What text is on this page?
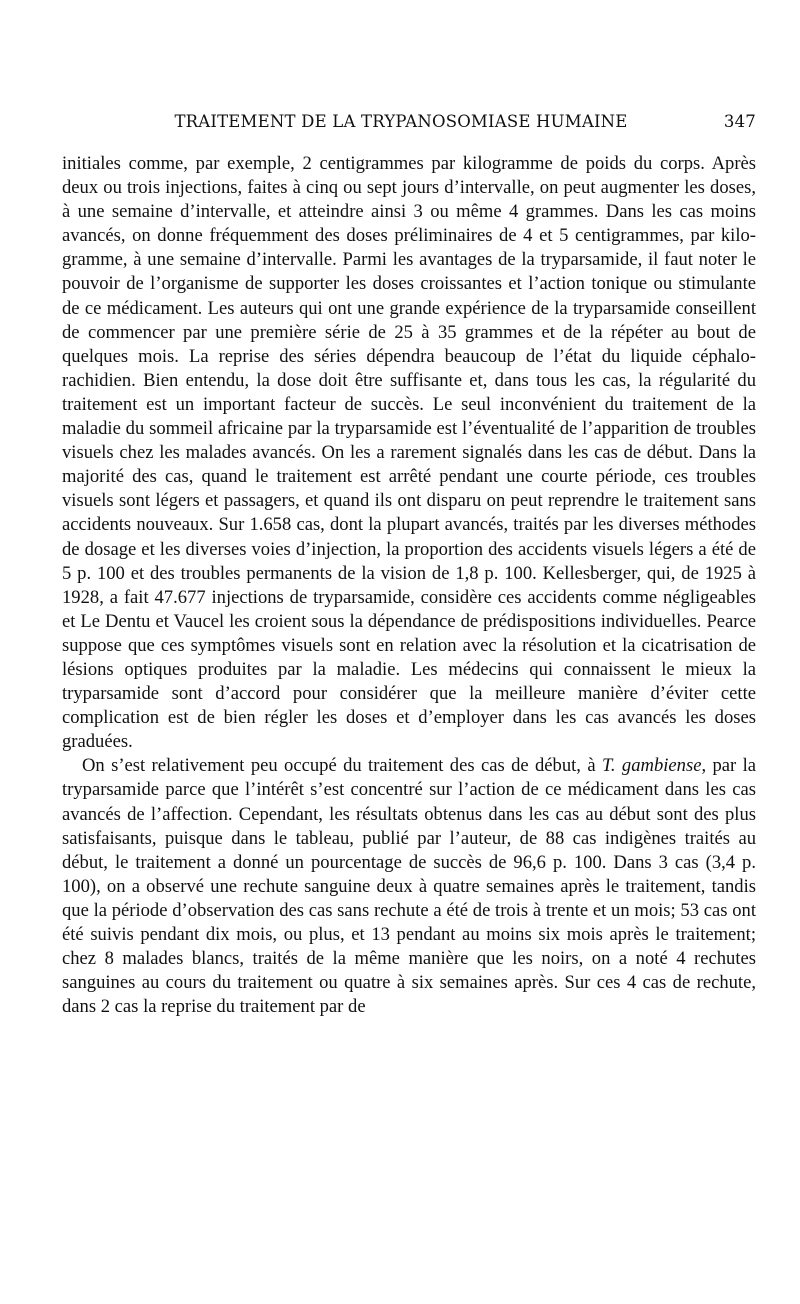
TRAITEMENT DE LA TRYPANOSOMIASE HUMAINE	347

initiales comme, par exemple, 2 centigrammes par kilogramme de poids du corps. Après deux ou trois injections, faites à cinq ou sept jours d’intervalle, on peut augmenter les doses, à une semaine d’intervalle, et atteindre ainsi 3 ou même 4 grammes. Dans les cas moins avancés, on donne fréquemment des doses préliminaires de 4 et 5 centigrammes, par kilogramme, à une semaine d’intervalle. Parmi les avantages de la tryparsamide, il faut noter le pouvoir de l’organisme de supporter les doses croissantes et l’action tonique ou stimulante de ce médicament. Les auteurs qui ont une grande expérience de la tryparsamide conseillent de commencer par une première série de 25 à 35 grammes et de la répéter au bout de quelques mois. La reprise des séries dépendra beaucoup de l’état du liquide céphalo-rachidien. Bien entendu, la dose doit être suffisante et, dans tous les cas, la régularité du traitement est un important facteur de succès. Le seul inconvénient du traitement de la maladie du sommeil africaine par la tryparsamide est l’éventualité de l’apparition de troubles visuels chez les malades avancés. On les a rarement signalés dans les cas de début. Dans la majorité des cas, quand le traitement est arrêté pendant une courte période, ces troubles visuels sont légers et passagers, et quand ils ont disparu on peut reprendre le traitement sans accidents nouveaux. Sur 1.658 cas, dont la plupart avancés, traités par les diverses méthodes de dosage et les diverses voies d’injection, la proportion des accidents visuels légers a été de 5 p. 100 et des troubles permanents de la vision de 1,8 p. 100. Kellesberger, qui, de 1925 à 1928, a fait 47.677 injections de tryparsamide, considère ces accidents comme négligeables et Le Dentu et Vaucel les croient sous la dépendance de prédispositions individuelles. Pearce suppose que ces symptômes visuels sont en relation avec la résolution et la cicatrisation de lésions optiques produites par la maladie. Les médecins qui connaissent le mieux la tryparsamide sont d’accord pour considérer que la meilleure manière d’éviter cette complication est de bien régler les doses et d’employer dans les cas avancés les doses graduées.

On s’est relativement peu occupé du traitement des cas de début, à T. gambiense, par la tryparsamide parce que l’intérêt s’est concentré sur l’action de ce médicament dans les cas avancés de l’affection. Cependant, les résultats obtenus dans les cas au début sont des plus satisfaisants, puisque dans le tableau, publié par l’auteur, de 88 cas indigènes traités au début, le traitement a donné un pourcentage de succès de 96,6 p. 100. Dans 3 cas (3,4 p. 100), on a observé une rechute sanguine deux à quatre semaines après le traitement, tandis que la période d’observation des cas sans rechute a été de trois à trente et un mois; 53 cas ont été suivis pendant dix mois, ou plus, et 13 pendant au moins six mois après le traitement; chez 8 malades blancs, traités de la même manière que les noirs, on a noté 4 rechutes sanguines au cours du traitement ou quatre à six semaines après. Sur ces 4 cas de rechute, dans 2 cas la reprise du traitement par de
